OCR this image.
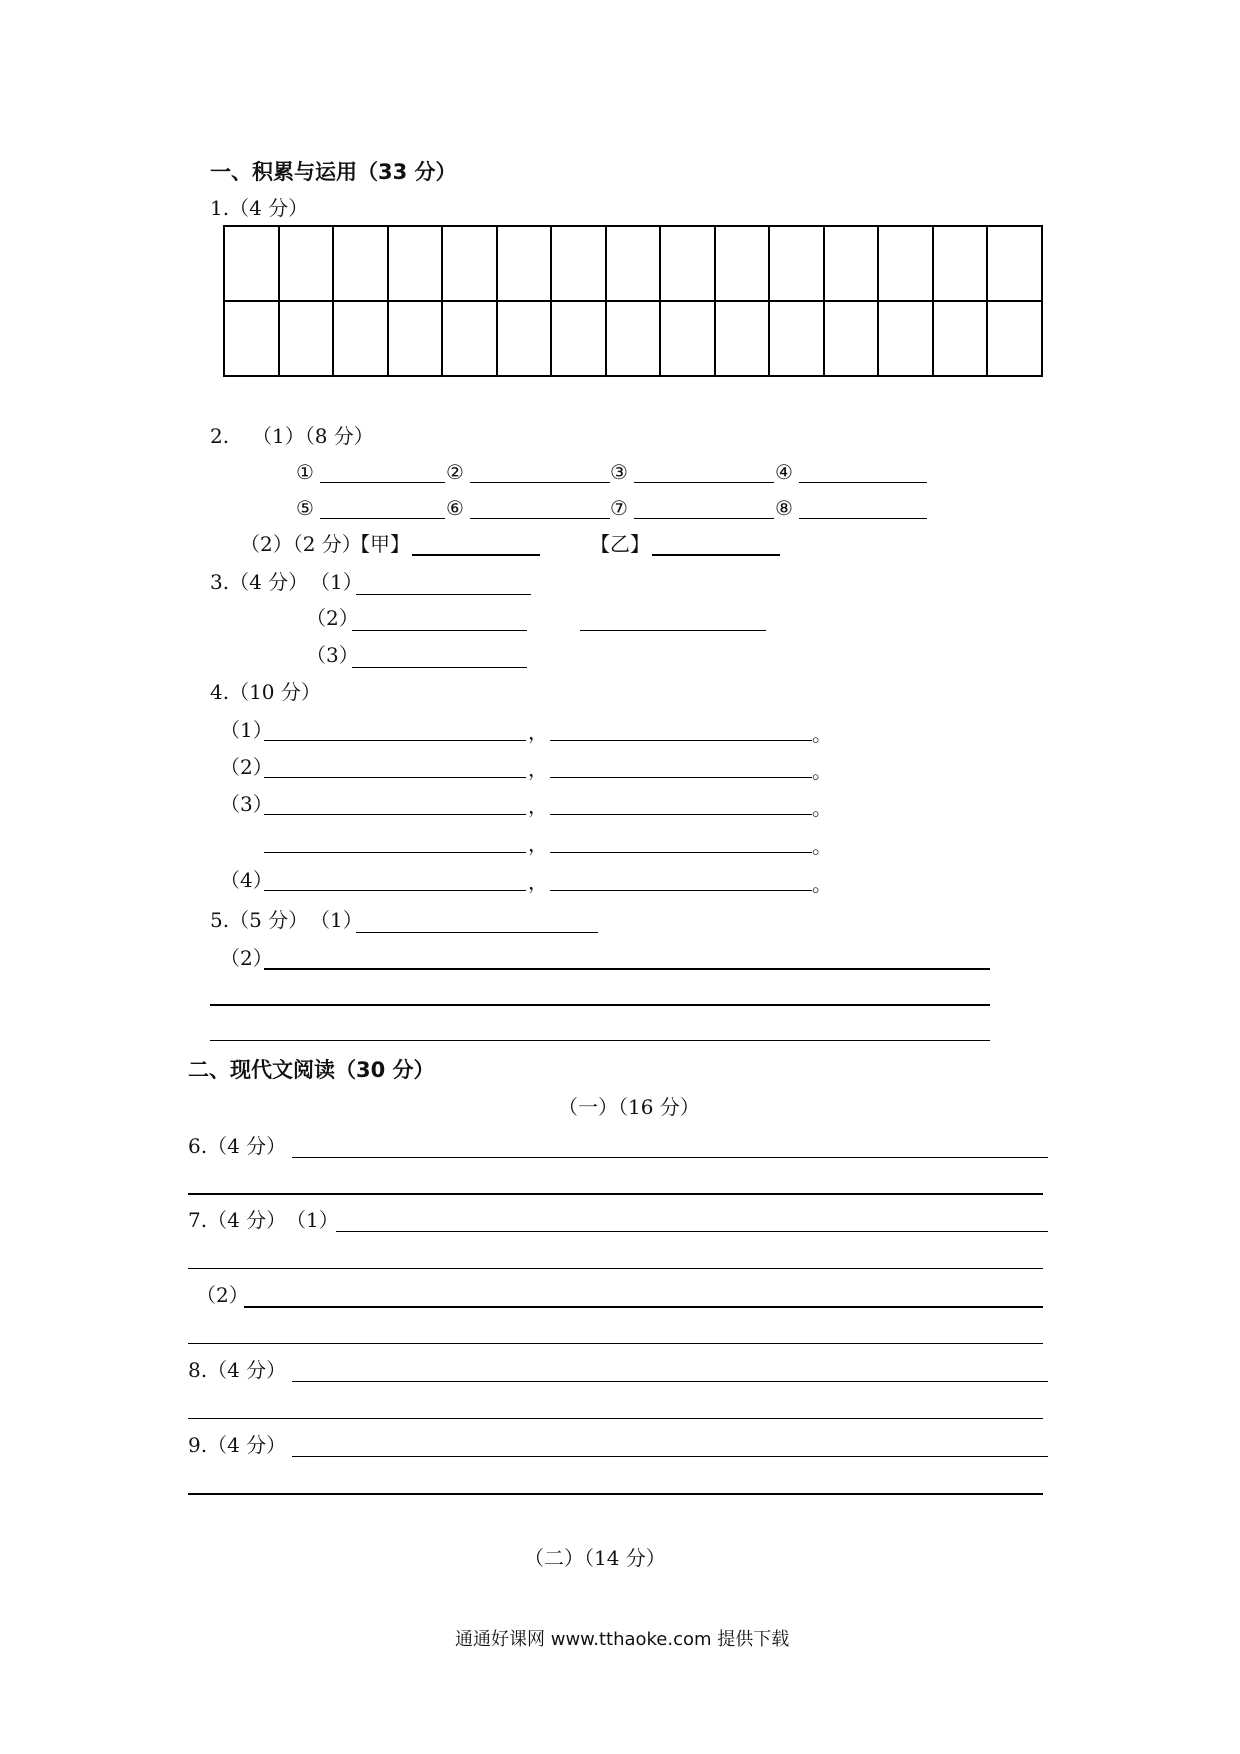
一、积累与运用（33 分）
1.（4 分）

2. （1）（8 分）
①	②	③	④
⑤	⑥	⑦	⑧
（2）（2 分）
【甲】	【乙】
3.（4 分） （1）
（2）
（3）
4.（10 分）
（1）	，	。
（2）	，	。
（3）	，	。
，	。
（4）	，	。
5.（5 分） （1）
（2）
二、现代文阅读（30 分）
（一）（16 分）
6.（4 分）
7.（4 分） （1）
（2）
8.（4 分）
9.（4 分）
（二）（14 分）
通通好课网 www.tthaoke.com 提供下载
